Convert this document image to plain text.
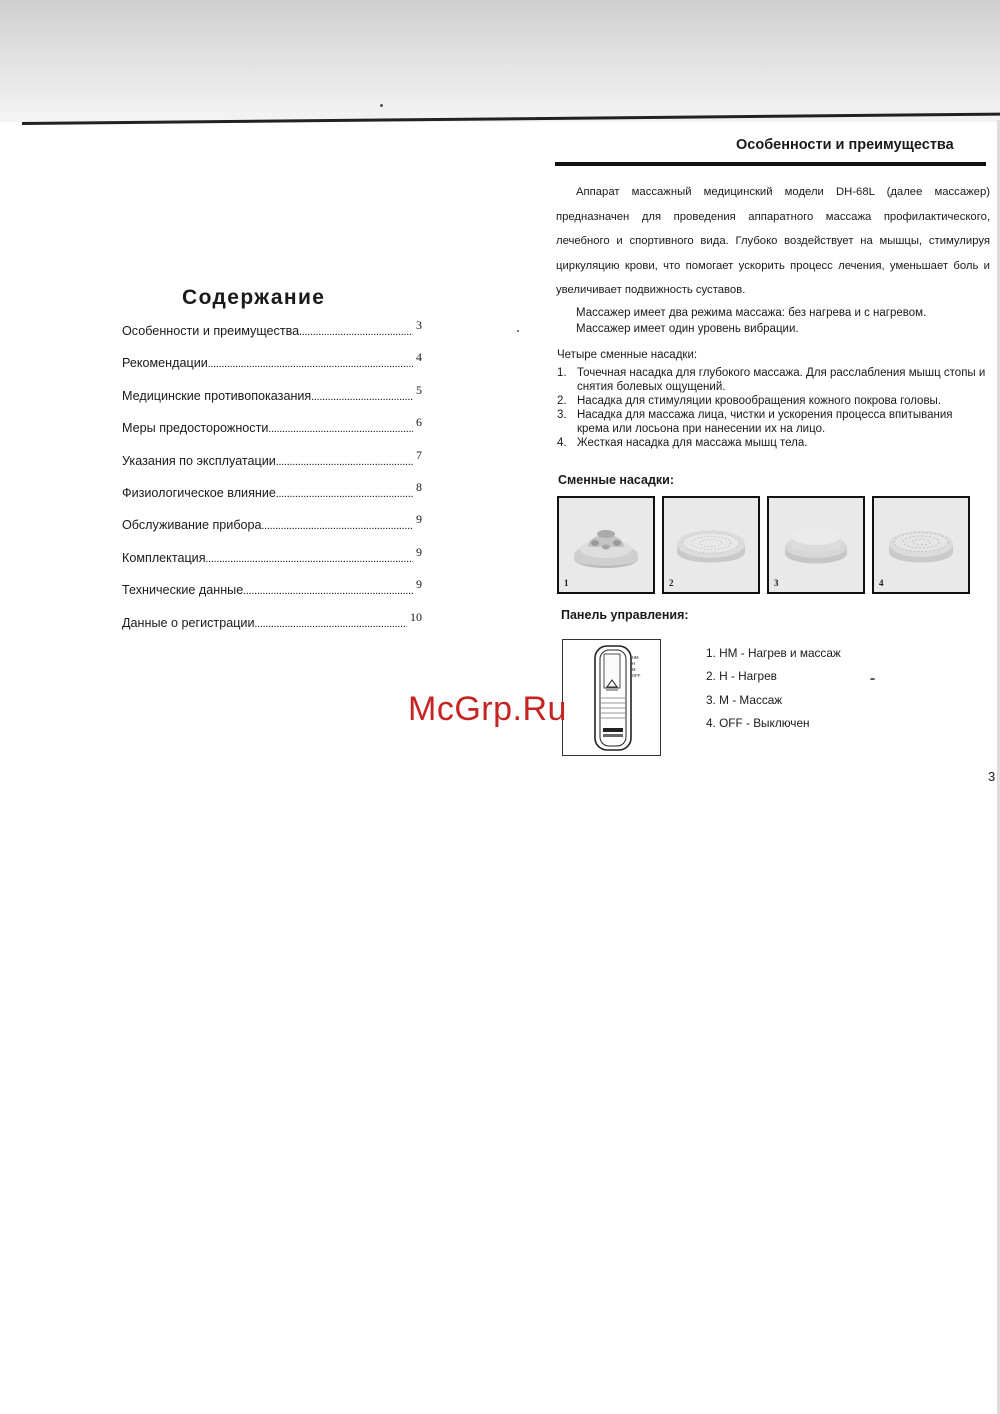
Содержание
Особенности и преимущества .....	3
Рекомендации .....	4
Медицинские противопоказания .....	5
Меры предосторожности .....	6
Указания по эксплуатации .....	7
Физиологическое влияние .....	8
Обслуживание прибора .....	9
Комплектация .....	9
Технические данные .....	9
Данные о регистрации .....	10
Особенности и преимущества
Аппарат массажный медицинский модели DH-68L (далее массажер) предназначен для проведения аппаратного массажа профилактического, лечебного и спортивного вида. Глубоко воздействует на мышцы, стимулируя циркуляцию крови, что помогает ускорить процесс лечения, уменьшает боль и увеличивает подвижность суставов.
Массажер имеет два режима массажа: без нагрева и с нагревом.
Массажер имеет один уровень вибрации.
Четыре сменные насадки:
1. Точечная насадка для глубокого массажа. Для расслабления мышц стопы и снятия болевых ощущений.
2. Насадка для стимуляции кровообращения кожного покрова головы.
3. Насадка для массажа лица, чистки и ускорения процесса впитывания крема или лосьона при нанесении их на лицо.
4. Жесткая насадка для массажа мышц тела.
Сменные насадки:
1	2	3	4
Панель управления:
HM
H
M
OFF
1. HM - Нагрев и массаж
2. H - Нагрев
3. M - Массаж
4. OFF - Выключен
McGrp.Ru
3
